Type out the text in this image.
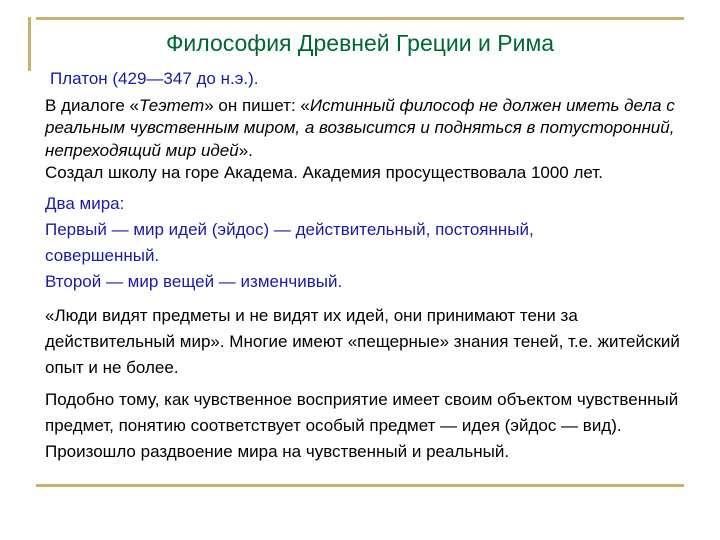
Философия Древней Греции и Рима

Платон (429—347 до н.э.).

В диалоге «Теэтет» он пишет: «Истинный философ не должен иметь дела с реальным чувственным миром, а возвысится и подняться в потусторонний, непреходящий мир идей».
Создал школу на горе Академа. Академия просуществовала 1000 лет.

Два мира:
Первый — мир идей (эйдос) — действительный, постоянный,
совершенный.
Второй — мир вещей — изменчивый.

«Люди видят предметы и не видят их идей, они принимают тени за действительный мир». Многие имеют «пещерные» знания теней, т.е. житейский опыт и не более.

Подобно тому, как чувственное восприятие имеет своим объектом чувственный предмет, понятию соответствует особый предмет — идея (эйдос — вид). Произошло раздвоение мира на чувственный и реальный.
